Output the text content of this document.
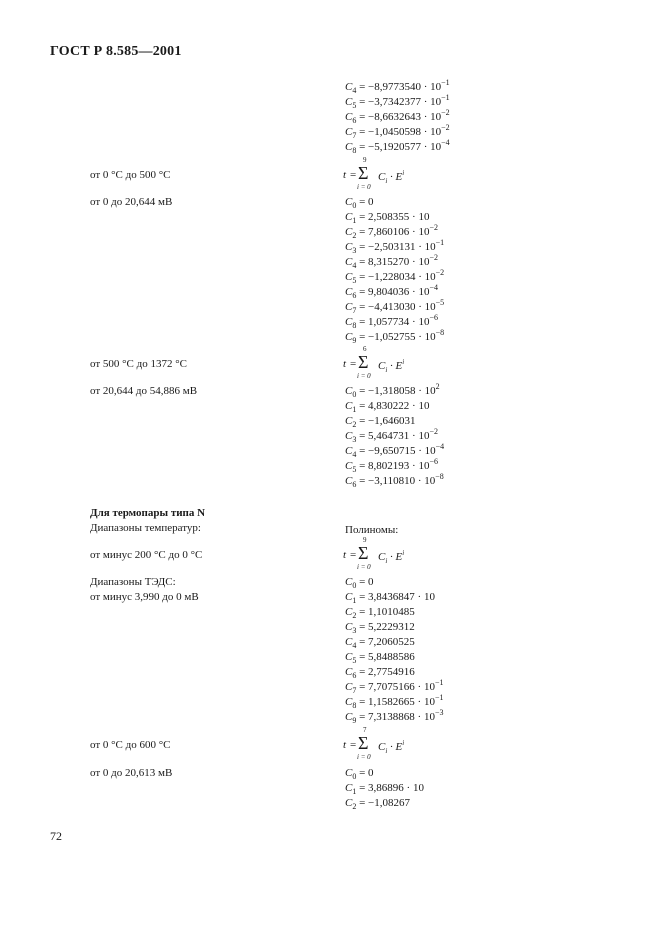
ГОСТ Р 8.585—2001
$C_4 = -8,9773540 \cdot 10^{-1}$
$C_5 = -3,7342377 \cdot 10^{-1}$
$C_6 = -8,6632643 \cdot 10^{-2}$
$C_7 = -1,0450598 \cdot 10^{-2}$
$C_8 = -5,1920577 \cdot 10^{-4}$
от 0 °С до 500 °С	t = Σ
9
i = 0
$C_i \cdot E^i$
от 0 до 20,644 мВ	$C_0 = 0$
$C_1 = 2,508355 \cdot 10$
$C_2 = 7,860106 \cdot 10^{-2}$
$C_3 = -2,503131 \cdot 10^{-1}$
$C_4 = 8,315270 \cdot 10^{-2}$
$C_5 = -1,228034 \cdot 10^{-2}$
$C_6 = 9,804036 \cdot 10^{-4}$
$C_7 = -4,413030 \cdot 10^{-5}$
$C_8 = 1,057734 \cdot 10^{-6}$
$C_9 = -1,052755 \cdot 10^{-8}$
от 500 °С до 1372 °С	t = Σ
6
i = 0
$C_i \cdot E^i$
от 20,644 до 54,886 мВ	$C_0 = -1,318058 \cdot 10^2$
$C_1 = 4,830222 \cdot 10$
$C_2 = -1,646031$
$C_3 = 5,464731 \cdot 10^{-2}$
$C_4 = -9,650715 \cdot 10^{-4}$
$C_5 = 8,802193 \cdot 10^{-6}$
$C_6 = -3,110810 \cdot 10^{-8}$
Для термопары типа N
Диапазоны температур:	Полиномы:
от минус 200 °С до 0 °С	t = Σ
9
i = 0
$C_i \cdot E^i$
Диапазоны ТЭДС:
от минус 3,990 до 0 мВ
$C_0 = 0$
$C_1 = 3,8436847 \cdot 10$
$C_2 = 1,1010485$
$C_3 = 5,2229312$
$C_4 = 7,2060525$
$C_5 = 5,8488586$
$C_6 = 2,7754916$
$C_7 = 7,7075166 \cdot 10^{-1}$
$C_8 = 1,1582665 \cdot 10^{-1}$
$C_9 = 7,3138868 \cdot 10^{-3}$
от 0 °С до 600 °С	t = Σ
7
i = 0
$C_i \cdot E^i$
от 0 до 20,613 мВ	$C_0 = 0$
$C_1 = 3,86896 \cdot 10$
$C_2 = -1,08267$
72
